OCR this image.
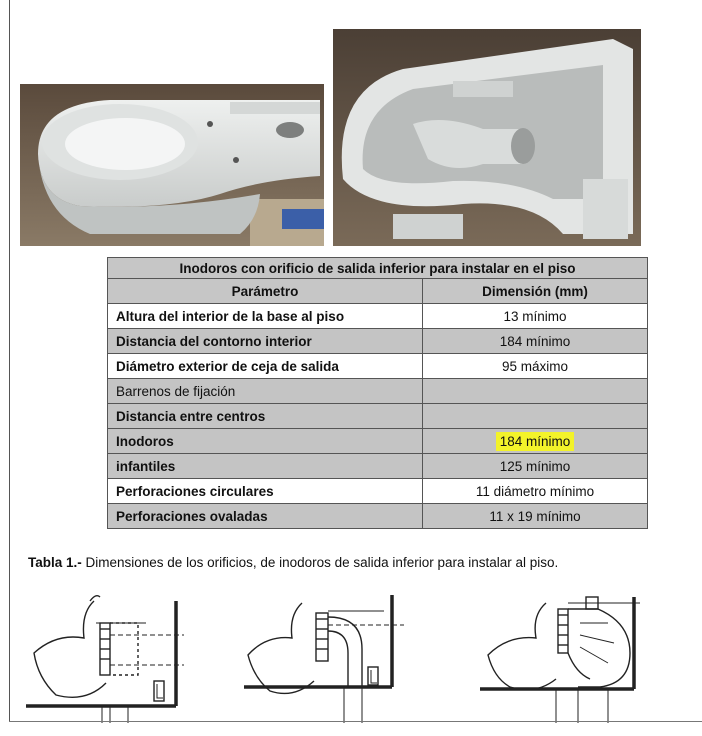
Inodoros con orificio de salida inferior para instalar en el piso	
Parámetro	Dimensión (mm)
Altura del interior de la base al piso	13 mínimo
Distancia del contorno interior	184 mínimo
Diámetro exterior de ceja de salida	95 máximo
Barrenos de fijación	
Distancia entre centros	
Inodoros	184 mínimo
infantiles	125 mínimo
Perforaciones circulares	11 diámetro mínimo
Perforaciones ovaladas	11 x 19 mínimo
Tabla 1.- Dimensiones de los orificios, de inodoros de salida inferior para instalar al piso.
